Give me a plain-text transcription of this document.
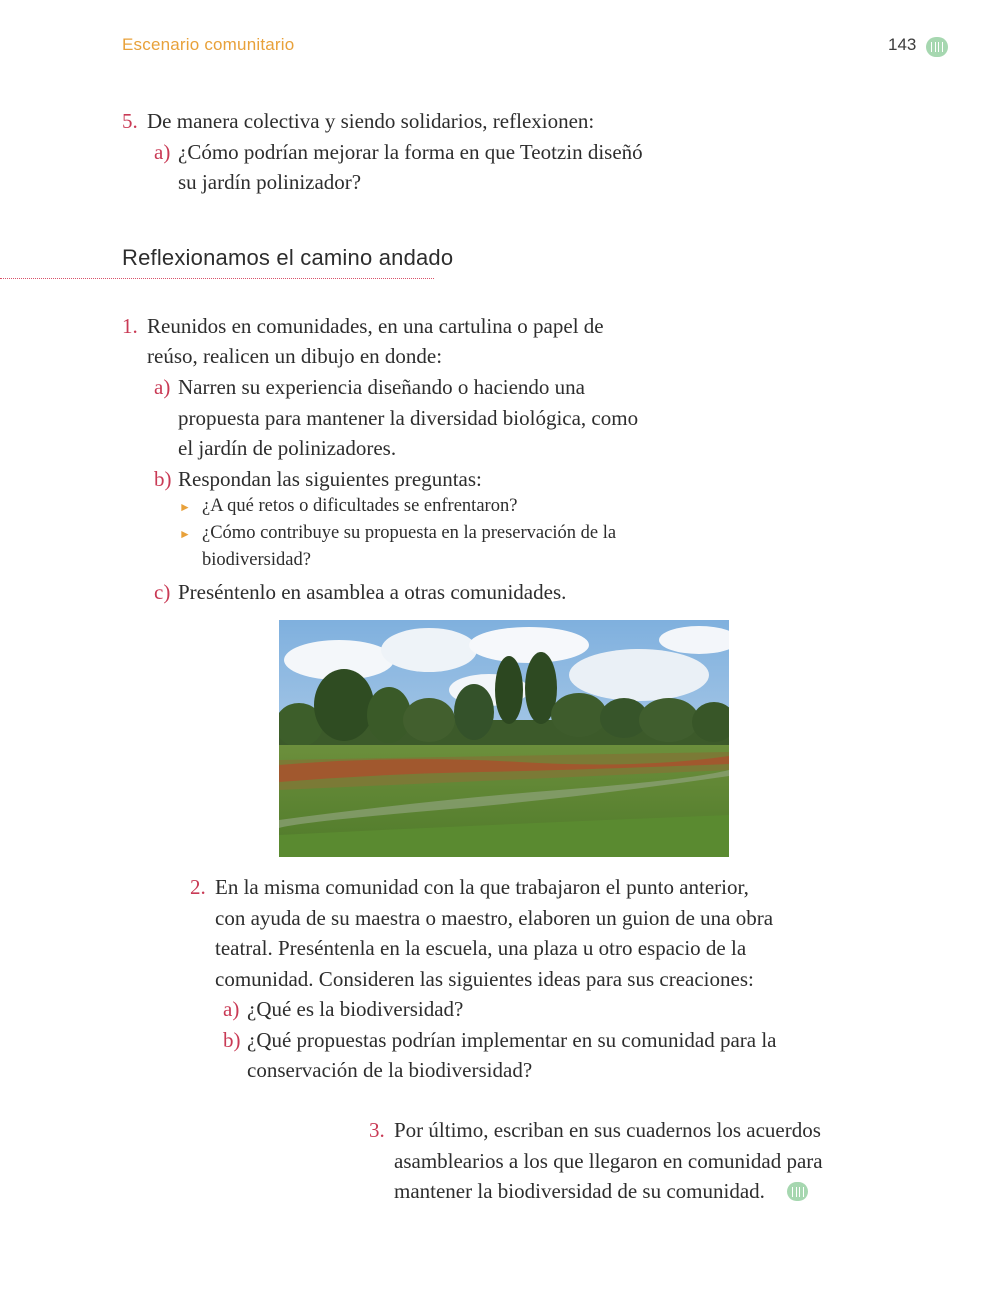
Escenario comunitario	143
5. De manera colectiva y siendo solidarios, reflexionen:
a) ¿Cómo podrían mejorar la forma en que Teotzin diseñó
su jardín polinizador?
Reflexionamos el camino andado
1. Reunidos en comunidades, en una cartulina o papel de
reúso, realicen un dibujo en donde:
a) Narren su experiencia diseñando o haciendo una
propuesta para mantener la diversidad biológica, como
el jardín de polinizadores.
b) Respondan las siguientes preguntas:
► ¿A qué retos o dificultades se enfrentaron?
► ¿Cómo contribuye su propuesta en la preservación de la
biodiversidad?
c) Preséntenlo en asamblea a otras comunidades.
2. En la misma comunidad con la que trabajaron el punto anterior,
con ayuda de su maestra o maestro, elaboren un guion de una obra
teatral. Preséntenla en la escuela, una plaza u otro espacio de la
comunidad. Consideren las siguientes ideas para sus creaciones:
a) ¿Qué es la biodiversidad?
b) ¿Qué propuestas podrían implementar en su comunidad para la
conservación de la biodiversidad?
3. Por último, escriban en sus cuadernos los acuerdos
asamblearios a los que llegaron en comunidad para
mantener la biodiversidad de su comunidad.
